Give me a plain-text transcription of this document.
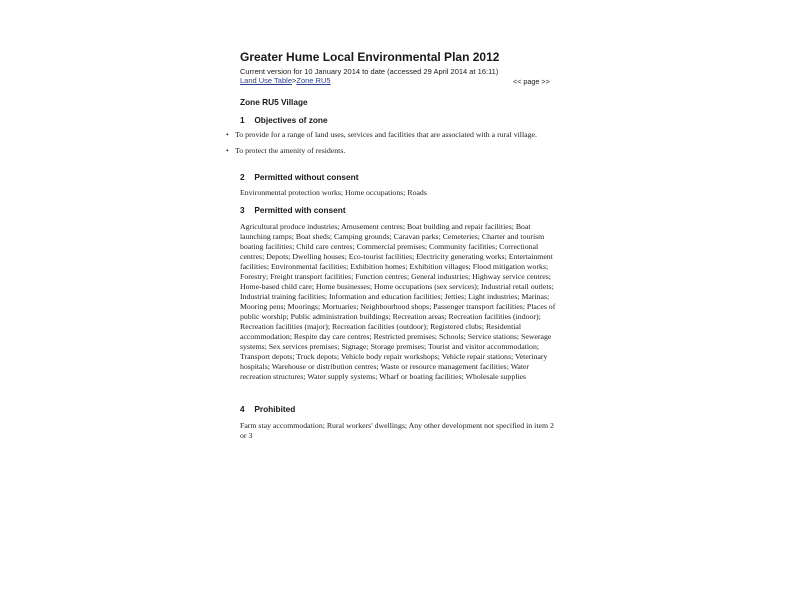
Greater Hume Local Environmental Plan 2012
Current version for 10 January 2014 to date (accessed 29 April 2014 at 16:11)
Land Use Table>Zone RU5	<< page >>
Zone RU5 Village
1 Objectives of zone
• To provide for a range of land uses, services and facilities that are associated with a rural village.
• To protect the amenity of residents.
2 Permitted without consent

Environmental protection works; Home occupations; Roads

3 Permitted with consent

Agricultural produce industries; Amusement centres; Boat building and repair facilities; Boat launching ramps; Boat sheds; Camping grounds; Caravan parks; Cemeteries; Charter and tourism boating facilities; Child care centres; Commercial premises; Community facilities; Correctional centres; Depots; Dwelling houses; Eco-tourist facilities; Electricity generating works; Entertainment facilities; Environmental facilities; Exhibition homes; Exhibition villages; Flood mitigation works; Forestry; Freight transport facilities; Function centres; General industries; Highway service centres; Home-based child care; Home businesses; Home occupations (sex services); Industrial retail outlets; Industrial training facilities; Information and education facilities; Jetties; Light industries; Marinas; Mooring pens; Moorings; Mortuaries; Neighbourhood shops; Passenger transport facilities; Places of public worship; Public administration buildings; Recreation areas; Recreation facilities (indoor); Recreation facilities (major); Recreation facilities (outdoor); Registered clubs; Residential accommodation; Respite day care centres; Restricted premises; Schools; Service stations; Sewerage systems; Sex services premises; Signage; Storage premises; Tourist and visitor accommodation; Transport depots; Truck depots; Vehicle body repair workshops; Vehicle repair stations; Veterinary hospitals; Warehouse or distribution centres; Waste or resource management facilities; Water recreation structures; Water supply systems; Wharf or boating facilities; Wholesale supplies

4 Prohibited

Farm stay accommodation; Rural workers' dwellings; Any other development not specified in item 2 or 3
